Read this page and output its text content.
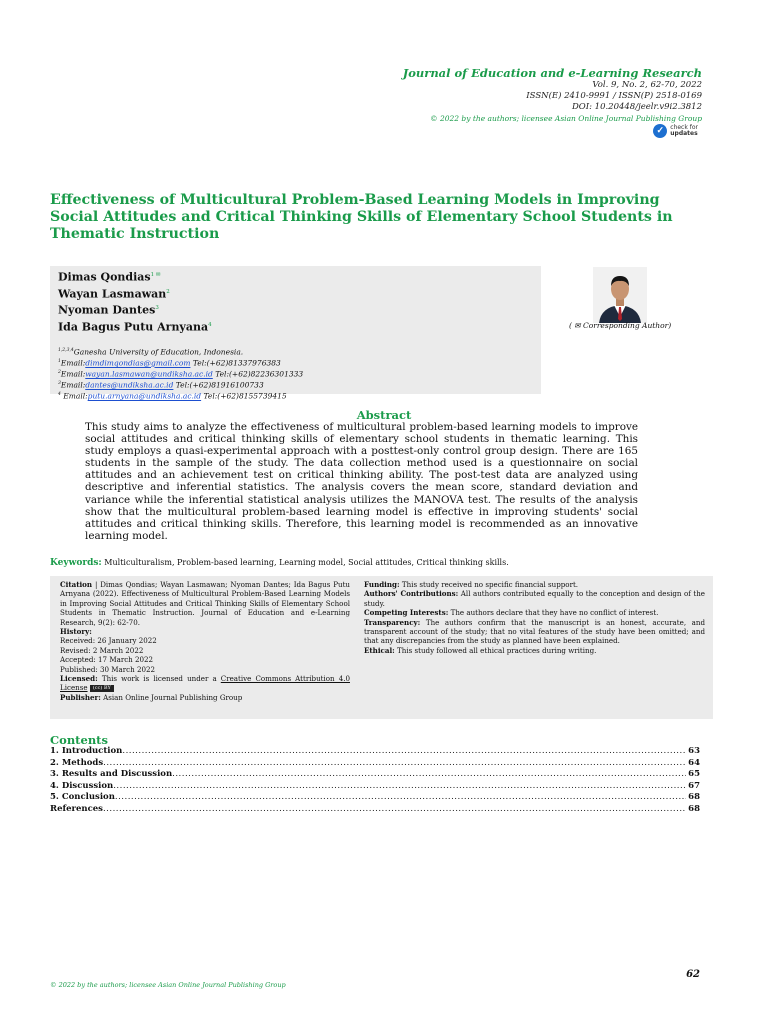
Journal of Education and e-Learning Research
Vol. 9, No. 2, 62-70, 2022
ISSN(E) 2410-9991 / ISSN(P) 2518-0169
DOI: 10.20448/jeelr.v9i2.3812
© 2022 by the authors; licensee Asian Online Journal Publishing Group
✓	check for
updates
Effectiveness of Multicultural Problem-Based Learning Models in Improving Social Attitudes and Critical Thinking Skills of Elementary School Students in Thematic Instruction
Dimas Qondias$^{1 ✉}$
Wayan Lasmawan$^2$
Nyoman Dantes$^3$
Ida Bagus Putu Arnyana$^4$
$^{1,2,3,4}$Ganesha University of Education, Indonesia.
$^1$Email:dimdimqondias@gmail.com Tel:(+62)81337976383
$^2$Email:wayan.lasmawan@undiksha.ac.id Tel:(+62)82236301333
$^3$Email:dantes@undiksha.ac.id Tel:(+62)81916100733
$^4$ Email:putu.arnyana@undiksha.ac.id Tel:(+62)8155739415
( ✉ Corresponding Author)
Abstract
This study aims to analyze the effectiveness of multicultural problem-based learning models to improve social attitudes and critical thinking skills of elementary school students in thematic learning. This study employs a quasi-experimental approach with a posttest-only control group design. There are 165 students in the sample of the study. The data collection method used is a questionnaire on social attitudes and an achievement test on critical thinking ability. The post-test data are analyzed using descriptive and inferential statistics. The analysis covers the mean score, standard deviation and variance while the inferential statistical analysis utilizes the MANOVA test. The results of the analysis show that the multicultural problem-based learning model is effective in improving students' social attitudes and critical thinking skills. Therefore, this learning model is recommended as an innovative learning model.
Keywords: Multiculturalism, Problem-based learning, Learning model, Social attitudes, Critical thinking skills.
Citation | Dimas Qondias; Wayan Lasmawan; Nyoman Dantes; Ida Bagus Putu Arnyana (2022). Effectiveness of Multicultural Problem-Based Learning Models in Improving Social Attitudes and Critical Thinking Skills of Elementary School Students in Thematic Instruction. Journal of Education and e-Learning Research, 9(2): 62-70.
History:
Received: 26 January 2022
Revised: 2 March 2022
Accepted: 17 March 2022
Published: 30 March 2022
Licensed: This work is licensed under a Creative Commons Attribution 4.0 License (cc) BY
Publisher: Asian Online Journal Publishing Group
Funding: This study received no specific financial support.
Authors' Contributions: All authors contributed equally to the conception and design of the study.
Competing Interests: The authors declare that they have no conflict of interest.
Transparency: The authors confirm that the manuscript is an honest, accurate, and transparent account of the study; that no vital features of the study have been omitted; and that any discrepancies from the study as planned have been explained.
Ethical: This study followed all ethical practices during writing.
Contents
1. Introduction .....	63
2. Methods .....	64
3. Results and Discussion .....	65
4. Discussion .....	67
5. Conclusion .....	68
References .....	68
62
© 2022 by the authors; licensee Asian Online Journal Publishing Group
